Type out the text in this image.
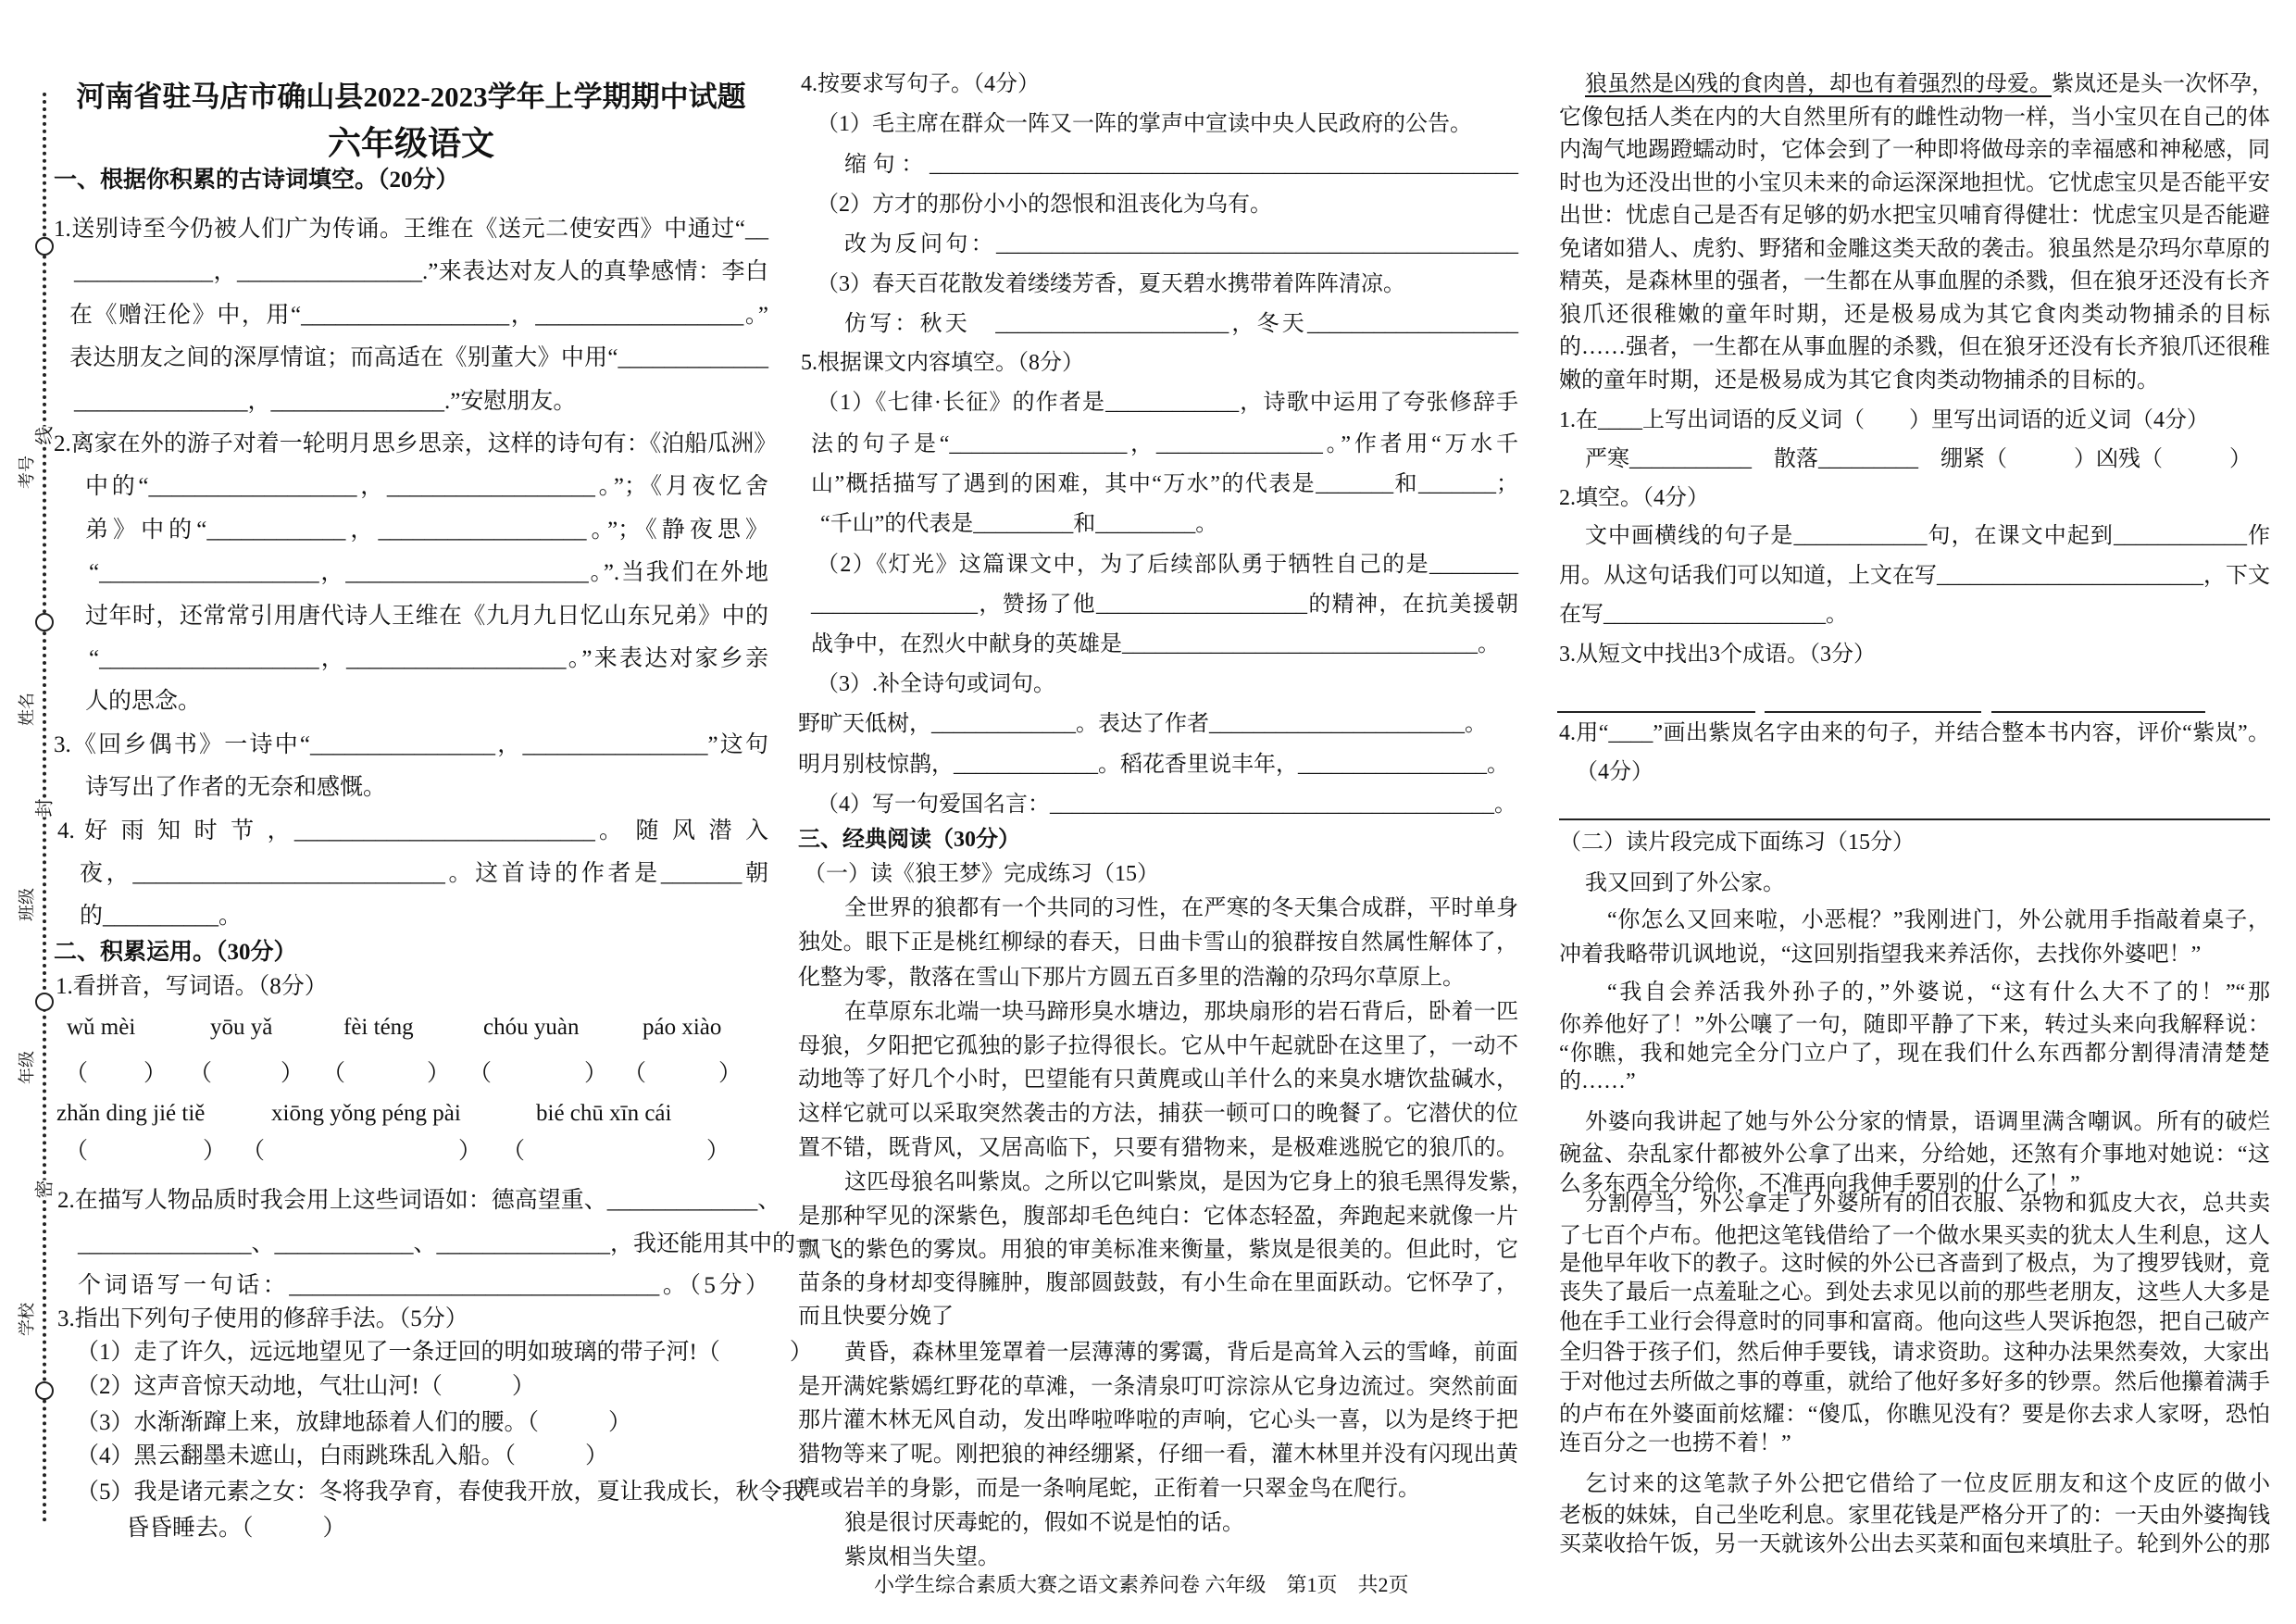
考号
姓名
班级
年级
学校
线
封
密
河南省驻马店市确山县2022-2023学年上学期期中试题
六年级语文
一、根据你积累的古诗词填空。（20分）
1.送别诗至今仍被人们广为传诵。王维在《送元二使安西》中通过“__
____________，________________.”来表达对友人的真挚感情：李白
在《赠汪伦》中，用“__________________，__________________。”
表达朋友之间的深厚情谊；而高适在《别董大》中用“_____________
_______________，_______________.”安慰朋友。
2.离家在外的游子对着一轮明月思乡思亲，这样的诗句有：《泊船瓜洲》
中的“__________________，__________________。”；《月夜忆舍
弟》中的“____________，__________________。”；《静夜思》
“___________________，_____________________。”.当我们在外地
过年时，还常常引用唐代诗人王维在《九月九日忆山东兄弟》中的
“___________________，___________________。”来表达对家乡亲
人的思念。
3.《回乡偶书》一诗中“________________，________________”这句
诗写出了作者的无奈和感慨。
4. 好 雨 知 时 节 ，__________________________。 随 风 潜 入
夜，___________________________。这首诗的作者是_______朝
的__________。
二、积累运用。（30分）
1.看拼音，写词语。（8分）
wǔ mèi	yōu yǎ	fèi téng	chóu yuàn	páo xiào
（ ） （	） （	） （	） （	）
zhǎn ding jié tiě	xiōng yǒng péng pài	bié chū xīn cái
（	） （	） （	）
2.在描写人物品质时我会用上这些词语如：德高望重、_____________、
_______________、____________、_______________，我还能用其中的一
个词语写一句话：________________________________。（5分）
3.指出下列句子使用的修辞手法。（5分）
（1）走了许久，远远地望见了一条迂回的明如玻璃的带子河!（　　　）
（2）这声音惊天动地，气壮山河!（　　　）
（3）水渐渐蹿上来，放肆地舔着人们的腰。（　　　）
（4）黑云翻墨未遮山，白雨跳珠乱入船。（　　　）
（5）我是诸元素之女：冬将我孕育，春使我开放，夏让我成长，秋令我
昏昏睡去。（　　　）
4.按要求写句子。（4分）
（1）毛主席在群众一阵又一阵的掌声中宣读中央人民政府的公告。
缩句：_____________________________________________________
（2）方才的那份小小的怨恨和沮丧化为乌有。
改为反问句：_______________________________________________
（3）春天百花散发着缕缕芳香，夏天碧水携带着阵阵清凉。
仿写：秋天　_____________________，冬天___________________
5.根据课文内容填空。（8分）
（1）《七律·长征》的作者是____________，诗歌中运用了夸张修辞手
法的句子是“________________，_______________。”作者用“万水千
山”概括描写了遇到的困难，其中“万水”的代表是_______和_______；
“千山”的代表是_________和_________。
（2）《灯光》这篇课文中，为了后续部队勇于牺牲自己的是________
_______________，赞扬了他___________________的精神，在抗美援朝
战争中，在烈火中献身的英雄是________________________________。
（3）.补全诗句或词句。
野旷天低树，_____________。表达了作者_______________________。
明月别枝惊鹊，_____________。稻花香里说丰年，_________________。
（4）写一句爱国名言：________________________________________。
三、经典阅读（30分）
（一）读《狼王梦》完成练习（15）
全世界的狼都有一个共同的习性，在严寒的冬天集合成群，平时单身
独处。眼下正是桃红柳绿的春天，日曲卡雪山的狼群按自然属性解体了，
化整为零，散落在雪山下那片方圆五百多里的浩瀚的尕玛尔草原上。
在草原东北端一块马蹄形臭水塘边，那块扇形的岩石背后，卧着一匹
母狼，夕阳把它孤独的影子拉得很长。它从中午起就卧在这里了，一动不
动地等了好几个小时，巴望能有只黄麂或山羊什么的来臭水塘饮盐碱水，
这样它就可以采取突然袭击的方法，捕获一顿可口的晚餐了。它潜伏的位
置不错，既背风，又居高临下，只要有猎物来，是极难逃脱它的狼爪的。
这匹母狼名叫紫岚。之所以它叫紫岚，是因为它身上的狼毛黑得发紫，
是那种罕见的深紫色，腹部却毛色纯白：它体态轻盈，奔跑起来就像一片
飘飞的紫色的雾岚。用狼的审美标准来衡量，紫岚是很美的。但此时，它
苗条的身材却变得臃肿，腹部圆鼓鼓，有小生命在里面跃动。它怀孕了，
而且快要分娩了
黄昏，森林里笼罩着一层薄薄的雾霭，背后是高耸入云的雪峰，前面
是开满姹紫嫣红野花的草滩，一条清泉叮叮淙淙从它身边流过。突然前面
那片灌木林无风自动，发出哗啦哗啦的声响，它心头一喜，以为是终于把
猎物等来了呢。刚把狼的神经绷紧，仔细一看，灌木林里并没有闪现出黄
麂或岩羊的身影，而是一条响尾蛇，正衔着一只翠金鸟在爬行。
狼是很讨厌毒蛇的，假如不说是怕的话。
紫岚相当失望。
小学生综合素质大赛之语文素养问卷 六年级　第1页　共2页
狼虽然是凶残的食肉兽，却也有着强烈的母爱。紫岚还是头一次怀孕，
它像包括人类在内的大自然里所有的雌性动物一样，当小宝贝在自己的体
内淘气地踢蹬蠕动时，它体会到了一种即将做母亲的幸福感和神秘感，同
时也为还没出世的小宝贝未来的命运深深地担忧。它忧虑宝贝是否能平安
出世：忧虑自己是否有足够的奶水把宝贝哺育得健壮：忧虑宝贝是否能避
免诸如猎人、虎豹、野猪和金雕这类天敌的袭击。狼虽然是尕玛尔草原的
精英，是森林里的强者，一生都在从事血腥的杀戮，但在狼牙还没有长齐
狼爪还很稚嫩的童年时期，还是极易成为其它食肉类动物捕杀的目标
的……强者，一生都在从事血腥的杀戮，但在狼牙还没有长齐狼爪还很稚
嫩的童年时期，还是极易成为其它食肉类动物捕杀的目标的。
1.在____上写出词语的反义词（　　）里写出词语的近义词（4分）
严寒___________　散落_________　绷紧（　　　）凶残（　　　）
2.填空。（4分）
文中画横线的句子是____________句，在课文中起到____________作
用。从这句话我们可以知道，上文在写________________________，下文
在写____________________。
3.从短文中找出3个成语。（3分）
4.用“____”画出紫岚名字由来的句子，并结合整本书内容，评价“紫岚”。
（4分）
（二）读片段完成下面练习（15分）
我又回到了外公家。
“你怎么又回来啦，小恶棍？”我刚进门，外公就用手指敲着桌子，
冲着我略带讥讽地说，“这回别指望我来养活你，去找你外婆吧！”
“我自会养活我外孙子的，”外婆说，“这有什么大不了的！”“那
你养他好了！”外公嚷了一句，随即平静了下来，转过头来向我解释说：
“你瞧，我和她完全分门立户了，现在我们什么东西都分割得清清楚楚
的……”
外婆向我讲起了她与外公分家的情景，语调里满含嘲讽。所有的破烂
碗盆、杂乱家什都被外公拿了出来，分给她，还煞有介事地对她说：“这
么多东西全分给你，不准再向我伸手要别的什么了！”
分割停当，外公拿走了外婆所有的旧衣服、杂物和狐皮大衣，总共卖
了七百个卢布。他把这笔钱借给了一个做水果买卖的犹太人生利息，这人
是他早年收下的教子。这时候的外公已吝啬到了极点，为了搜罗钱财，竟
丧失了最后一点羞耻之心。到处去求见以前的那些老朋友，这些人大多是
他在手工业行会得意时的同事和富商。他向这些人哭诉抱怨，把自己破产
全归咎于孩子们，然后伸手要钱，请求资助。这种办法果然奏效，大家出
于对他过去所做之事的尊重，就给了他好多好多的钞票。然后他攥着满手
的卢布在外婆面前炫耀：“傻瓜，你瞧见没有？要是你去求人家呀，恐怕
连百分之一也捞不着！”
乞讨来的这笔款子外公把它借给了一位皮匠朋友和这个皮匠的做小
老板的妹妹，自己坐吃利息。家里花钱是严格分开了的：一天由外婆掏钱
买菜收拾午饭，另一天就该外公出去买菜和面包来填肚子。轮到外公的那
